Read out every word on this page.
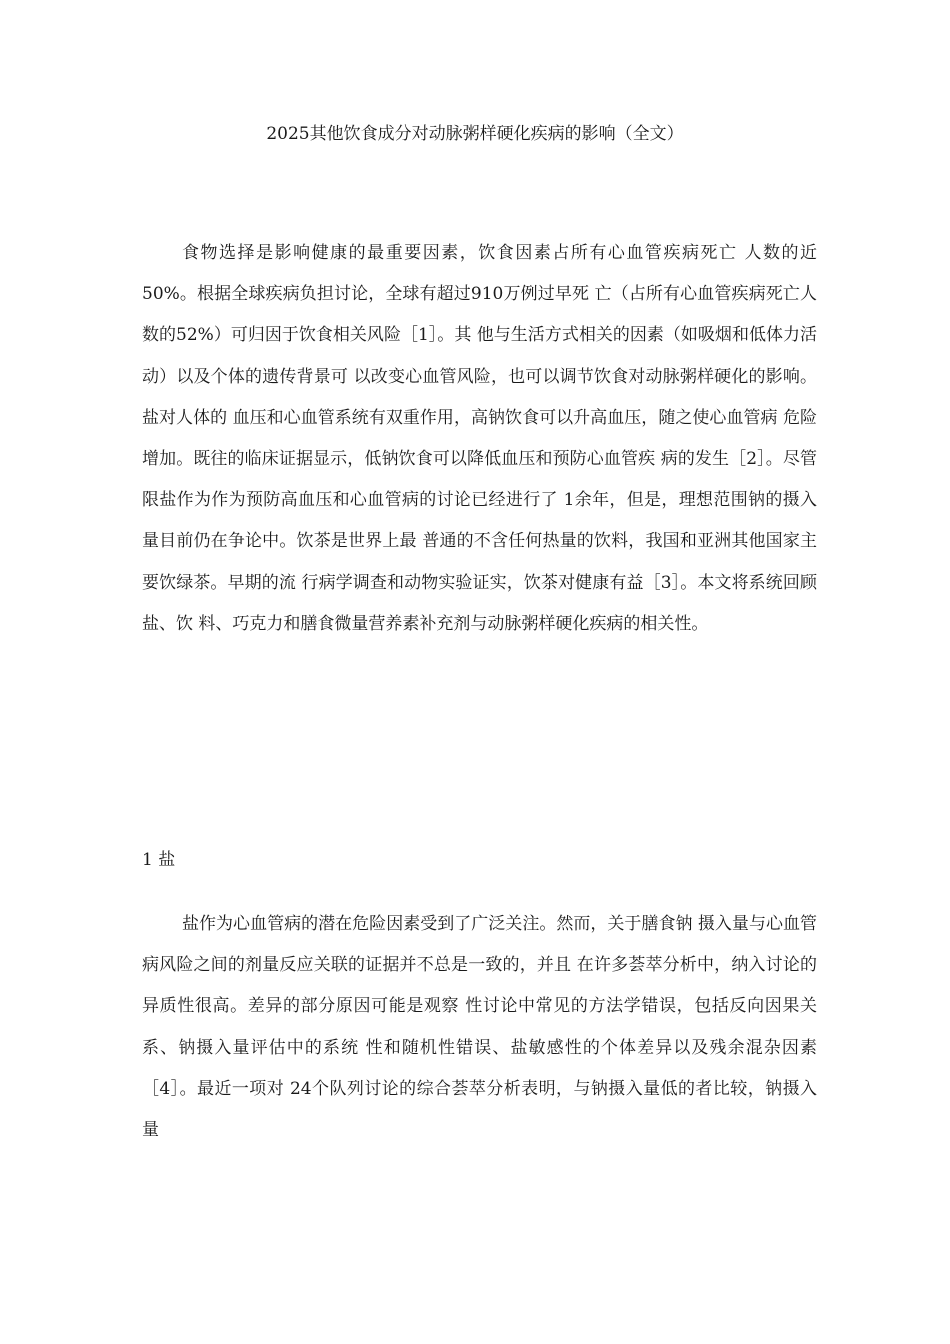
2025其他饮食成分对动脉粥样硬化疾病的影响（全文）

食物选择是影响健康的最重要因素，饮食因素占所有心血管疾病死亡 人数的近50%。根据全球疾病负担讨论，全球有超过910万例过早死 亡（占所有心血管疾病死亡人数的52%）可归因于饮食相关风险［1］。其 他与生活方式相关的因素（如吸烟和低体力活动）以及个体的遗传背景可 以改变心血管风险，也可以调节饮食对动脉粥样硬化的影响。盐对人体的 血压和心血管系统有双重作用，高钠饮食可以升高血压，随之使心血管病 危险增加。既往的临床证据显示，低钠饮食可以降低血压和预防心血管疾 病的发生［2］。尽管限盐作为作为预防高血压和心血管病的讨论已经进行了 1余年，但是，理想范围钠的摄入量目前仍在争论中。饮茶是世界上最 普通的不含任何热量的饮料，我国和亚洲其他国家主要饮绿茶。早期的流 行病学调查和动物实验证实，饮茶对健康有益［3］。本文将系统回顾盐、饮 料、巧克力和膳食微量营养素补充剂与动脉粥样硬化疾病的相关性。

1 盐

盐作为心血管病的潜在危险因素受到了广泛关注。然而，关于膳食钠 摄入量与心血管病风险之间的剂量反应关联的证据并不总是一致的，并且 在许多荟萃分析中，纳入讨论的异质性很高。差异的部分原因可能是观察 性讨论中常见的方法学错误，包括反向因果关系、钠摄入量评估中的系统 性和随机性错误、盐敏感性的个体差异以及残余混杂因素［4］。最近一项对 24个队列讨论的综合荟萃分析表明，与钠摄入量低的者比较，钠摄入量
